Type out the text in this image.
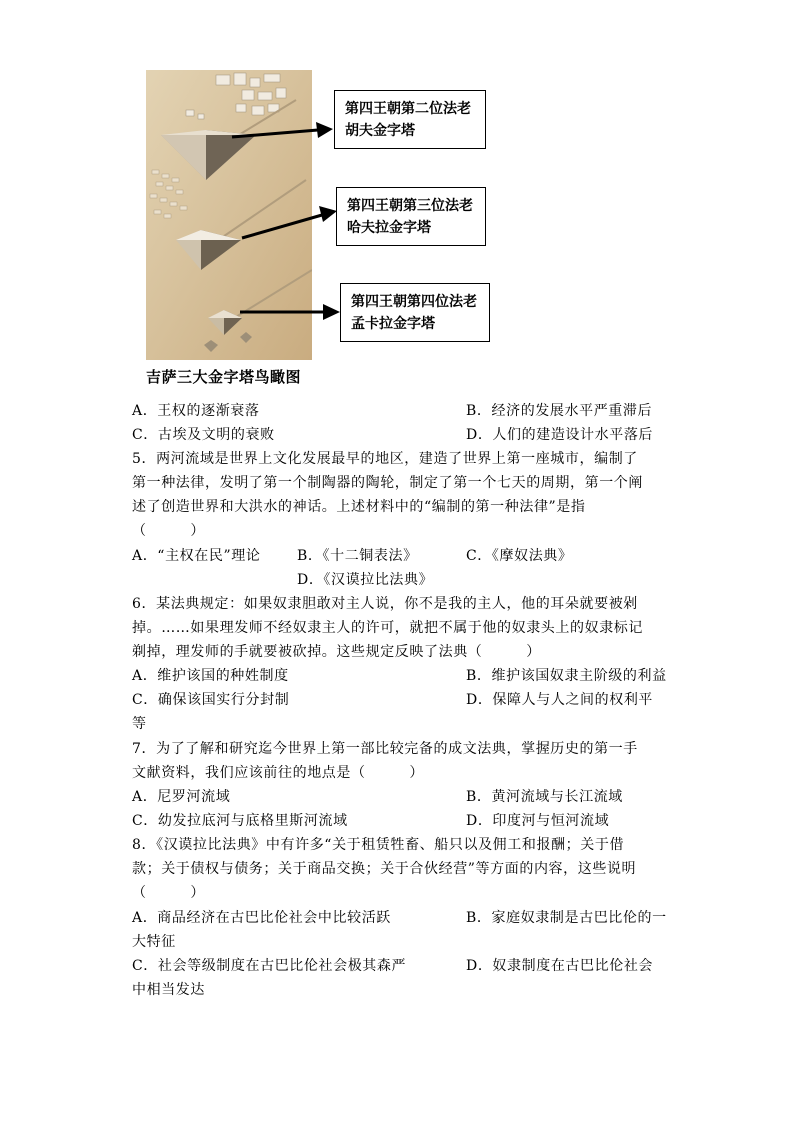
第四王朝第二位法老
胡夫金字塔
第四王朝第三位法老
哈夫拉金字塔
第四王朝第四位法老
孟卡拉金字塔
吉萨三大金字塔鸟瞰图
A．王权的逐渐衰落	B．经济的发展水平严重滞后
C．古埃及文明的衰败	D．人们的建造设计水平落后
5．两河流域是世界上文化发展最早的地区，建造了世界上第一座城市，编制了
第一种法律，发明了第一个制陶器的陶轮，制定了第一个七天的周期，第一个阐
述了创造世界和大洪水的神话。上述材料中的“编制的第一种法律”是指
（　　　）
A．“主权在民”理论	B．《十二铜表法》	C．《摩奴法典》
D．《汉谟拉比法典》
6．某法典规定：如果奴隶胆敢对主人说，你不是我的主人，他的耳朵就要被剁
掉。……如果理发师不经奴隶主人的许可，就把不属于他的奴隶头上的奴隶标记
剃掉，理发师的手就要被砍掉。这些规定反映了法典（　　　）
A．维护该国的种姓制度	B．维护该国奴隶主阶级的利益
C．确保该国实行分封制	D．保障人与人之间的权利平
等
7．为了了解和研究迄今世界上第一部比较完备的成文法典，掌握历史的第一手
文献资料，我们应该前往的地点是（　　　）
A．尼罗河流域	B．黄河流域与长江流域
C．幼发拉底河与底格里斯河流域	D．印度河与恒河流域
8．《汉谟拉比法典》中有许多“关于租赁牲畜、船只以及佣工和报酬；关于借
款；关于债权与债务；关于商品交换；关于合伙经营”等方面的内容，这些说明
（　　　）
A．商品经济在古巴比伦社会中比较活跃	B．家庭奴隶制是古巴比伦的一
大特征
C．社会等级制度在古巴比伦社会极其森严	D．奴隶制度在古巴比伦社会
中相当发达
